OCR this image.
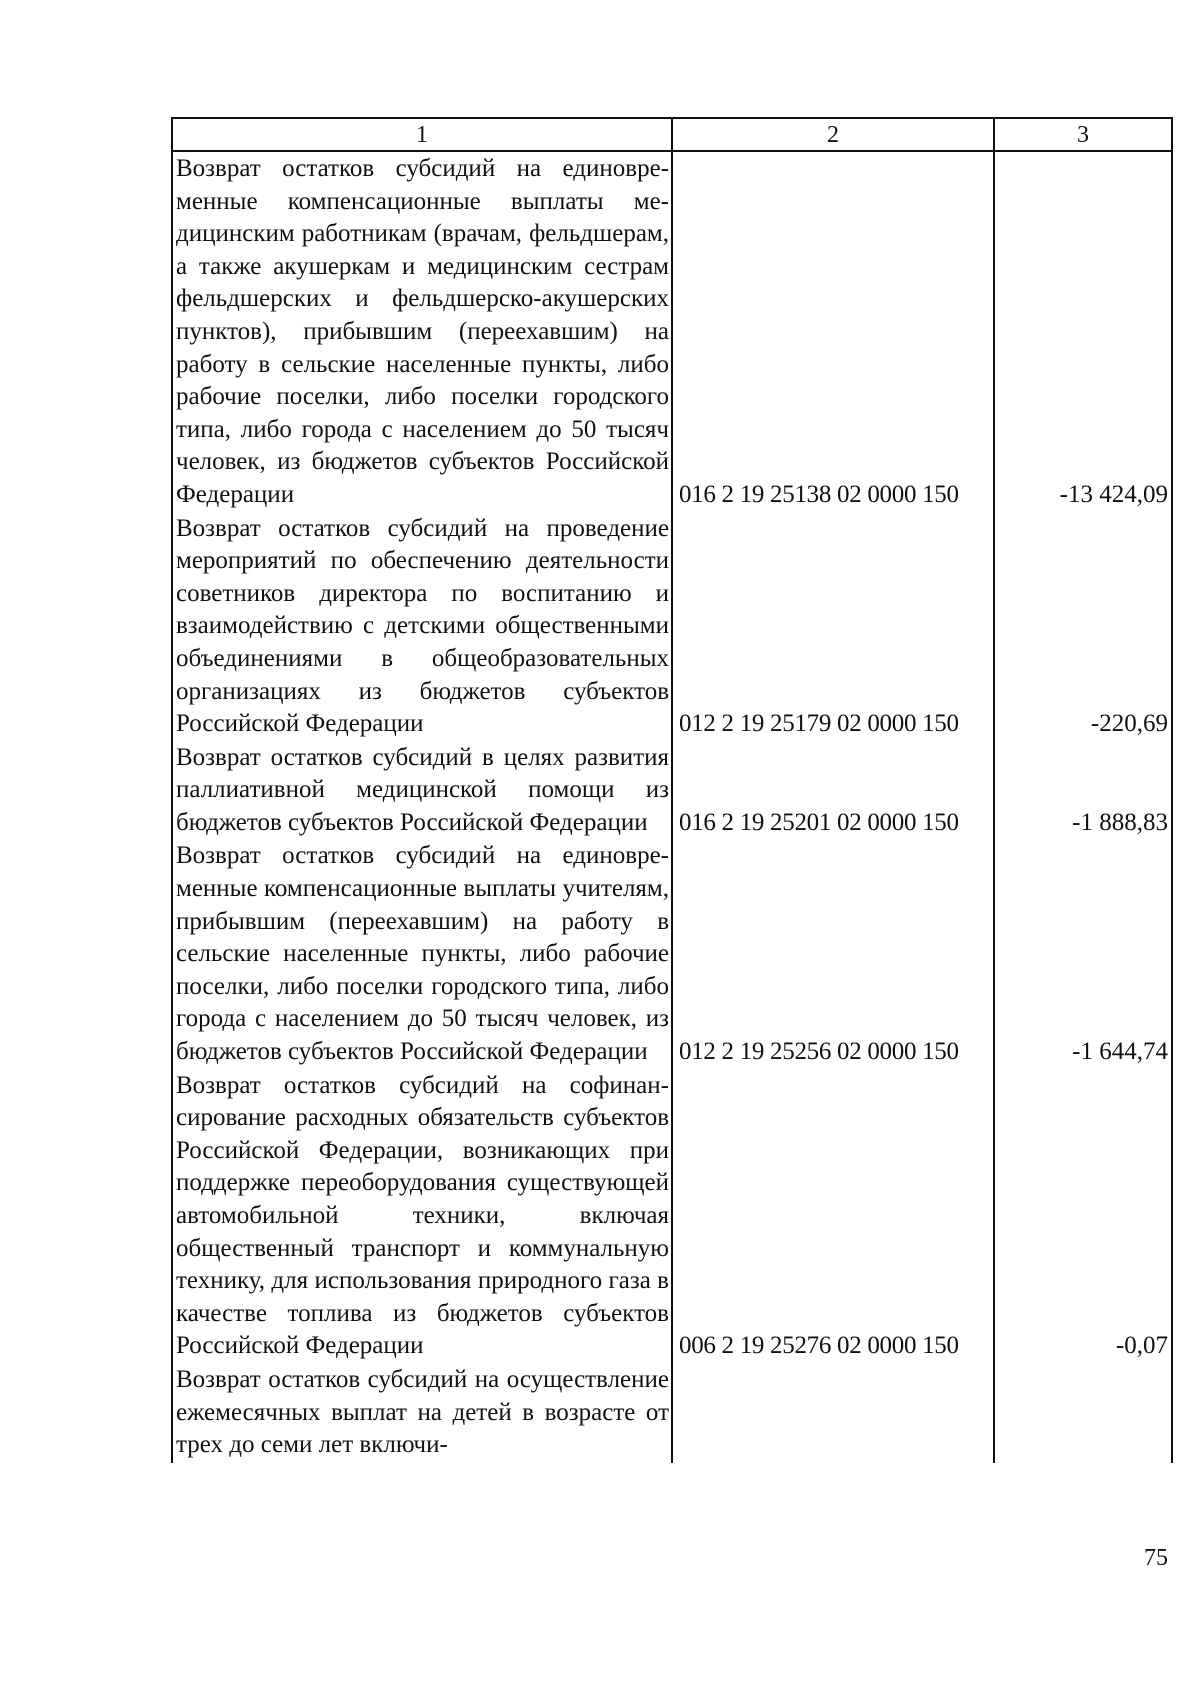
1	2	3
Возврат остатков субсидий на единовременные компенсационные выплаты медицинским работникам (врачам, фельдшерам, а также акушеркам и медицинским сестрам фельдшерских и фельдшерско-акушерских пунктов), прибывшим (переехавшим) на работу в сельские населенные пункты, либо рабочие поселки, либо поселки городского типа, либо города с населением до 50 тысяч человек, из бюджетов субъектов Российской Федерации	016 2 19 25138 02 0000 150	-13 424,09
Возврат остатков субсидий на проведение мероприятий по обеспечению деятельности советников директора по воспитанию и взаимодействию с детскими общественными объединениями в общеобразовательных организациях из бюджетов субъектов Российской Федерации	012 2 19 25179 02 0000 150	-220,69
Возврат остатков субсидий в целях развития паллиативной медицинской помощи из бюджетов субъектов Российской Федерации	016 2 19 25201 02 0000 150	-1 888,83
Возврат остатков субсидий на единовременные компенсационные выплаты учителям, прибывшим (переехавшим) на работу в сельские населенные пункты, либо рабочие поселки, либо поселки городского типа, либо города с населением до 50 тысяч человек, из бюджетов субъектов Российской Федерации	012 2 19 25256 02 0000 150	-1 644,74
Возврат остатков субсидий на софинансирование расходных обязательств субъектов Российской Федерации, возникающих при поддержке переоборудования существующей автомобильной техники, включая общественный транспорт и коммунальную технику, для использования природного газа в качестве топлива из бюджетов субъектов Российской Федерации	006 2 19 25276 02 0000 150	-0,07
Возврат остатков субсидий на осуществление ежемесячных выплат на детей в возрасте от трех до семи лет включи-		
75
